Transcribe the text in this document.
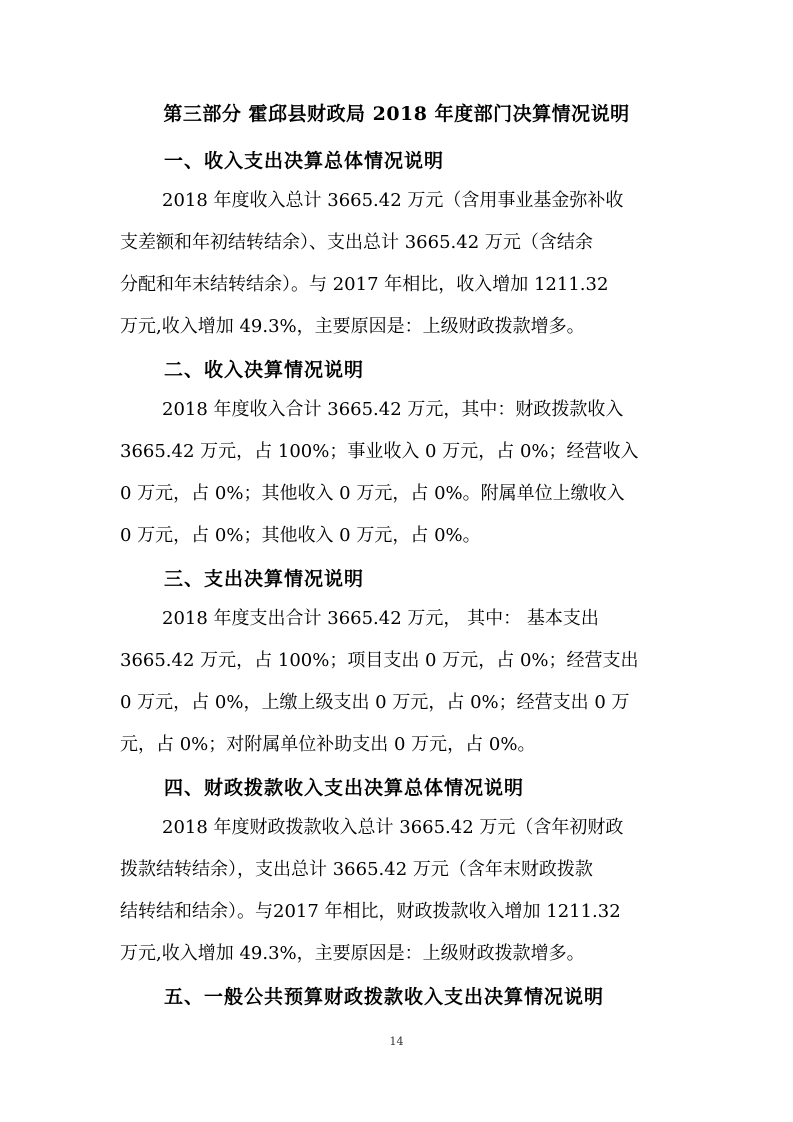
第三部分 霍邱县财政局 2018 年度部门决算情况说明
一、收入支出决算总体情况说明
2018 年度收入总计 3665.42 万元（含用事业基金弥补收
支差额和年初结转结余）、支出总计 3665.42 万元（含结余
分配和年末结转结余）。与 2017 年相比，收入增加 1211.32
万元,收入增加 49.3%，主要原因是：上级财政拨款增多。
二、收入决算情况说明
2018 年度收入合计 3665.42 万元，其中：财政拨款收入
3665.42 万元，占 100%；事业收入 0 万元，占 0%；经营收入
0 万元，占 0%；其他收入 0 万元，占 0%。附属单位上缴收入
0 万元，占 0%；其他收入 0 万元，占 0%。
三、支出决算情况说明
2018 年度支出合计 3665.42 万元， 其中： 基本支出
3665.42 万元，占 100%；项目支出 0 万元，占 0%；经营支出
0 万元，占 0%，上缴上级支出 0 万元，占 0%；经营支出 0 万
元，占 0%；对附属单位补助支出 0 万元，占 0%。
四、财政拨款收入支出决算总体情况说明
2018 年度财政拨款收入总计 3665.42 万元（含年初财政
拨款结转结余），支出总计 3665.42 万元（含年末财政拨款
结转结和结余）。与2017 年相比，财政拨款收入增加 1211.32
万元,收入增加 49.3%，主要原因是：上级财政拨款增多。
五、一般公共预算财政拨款收入支出决算情况说明
14
